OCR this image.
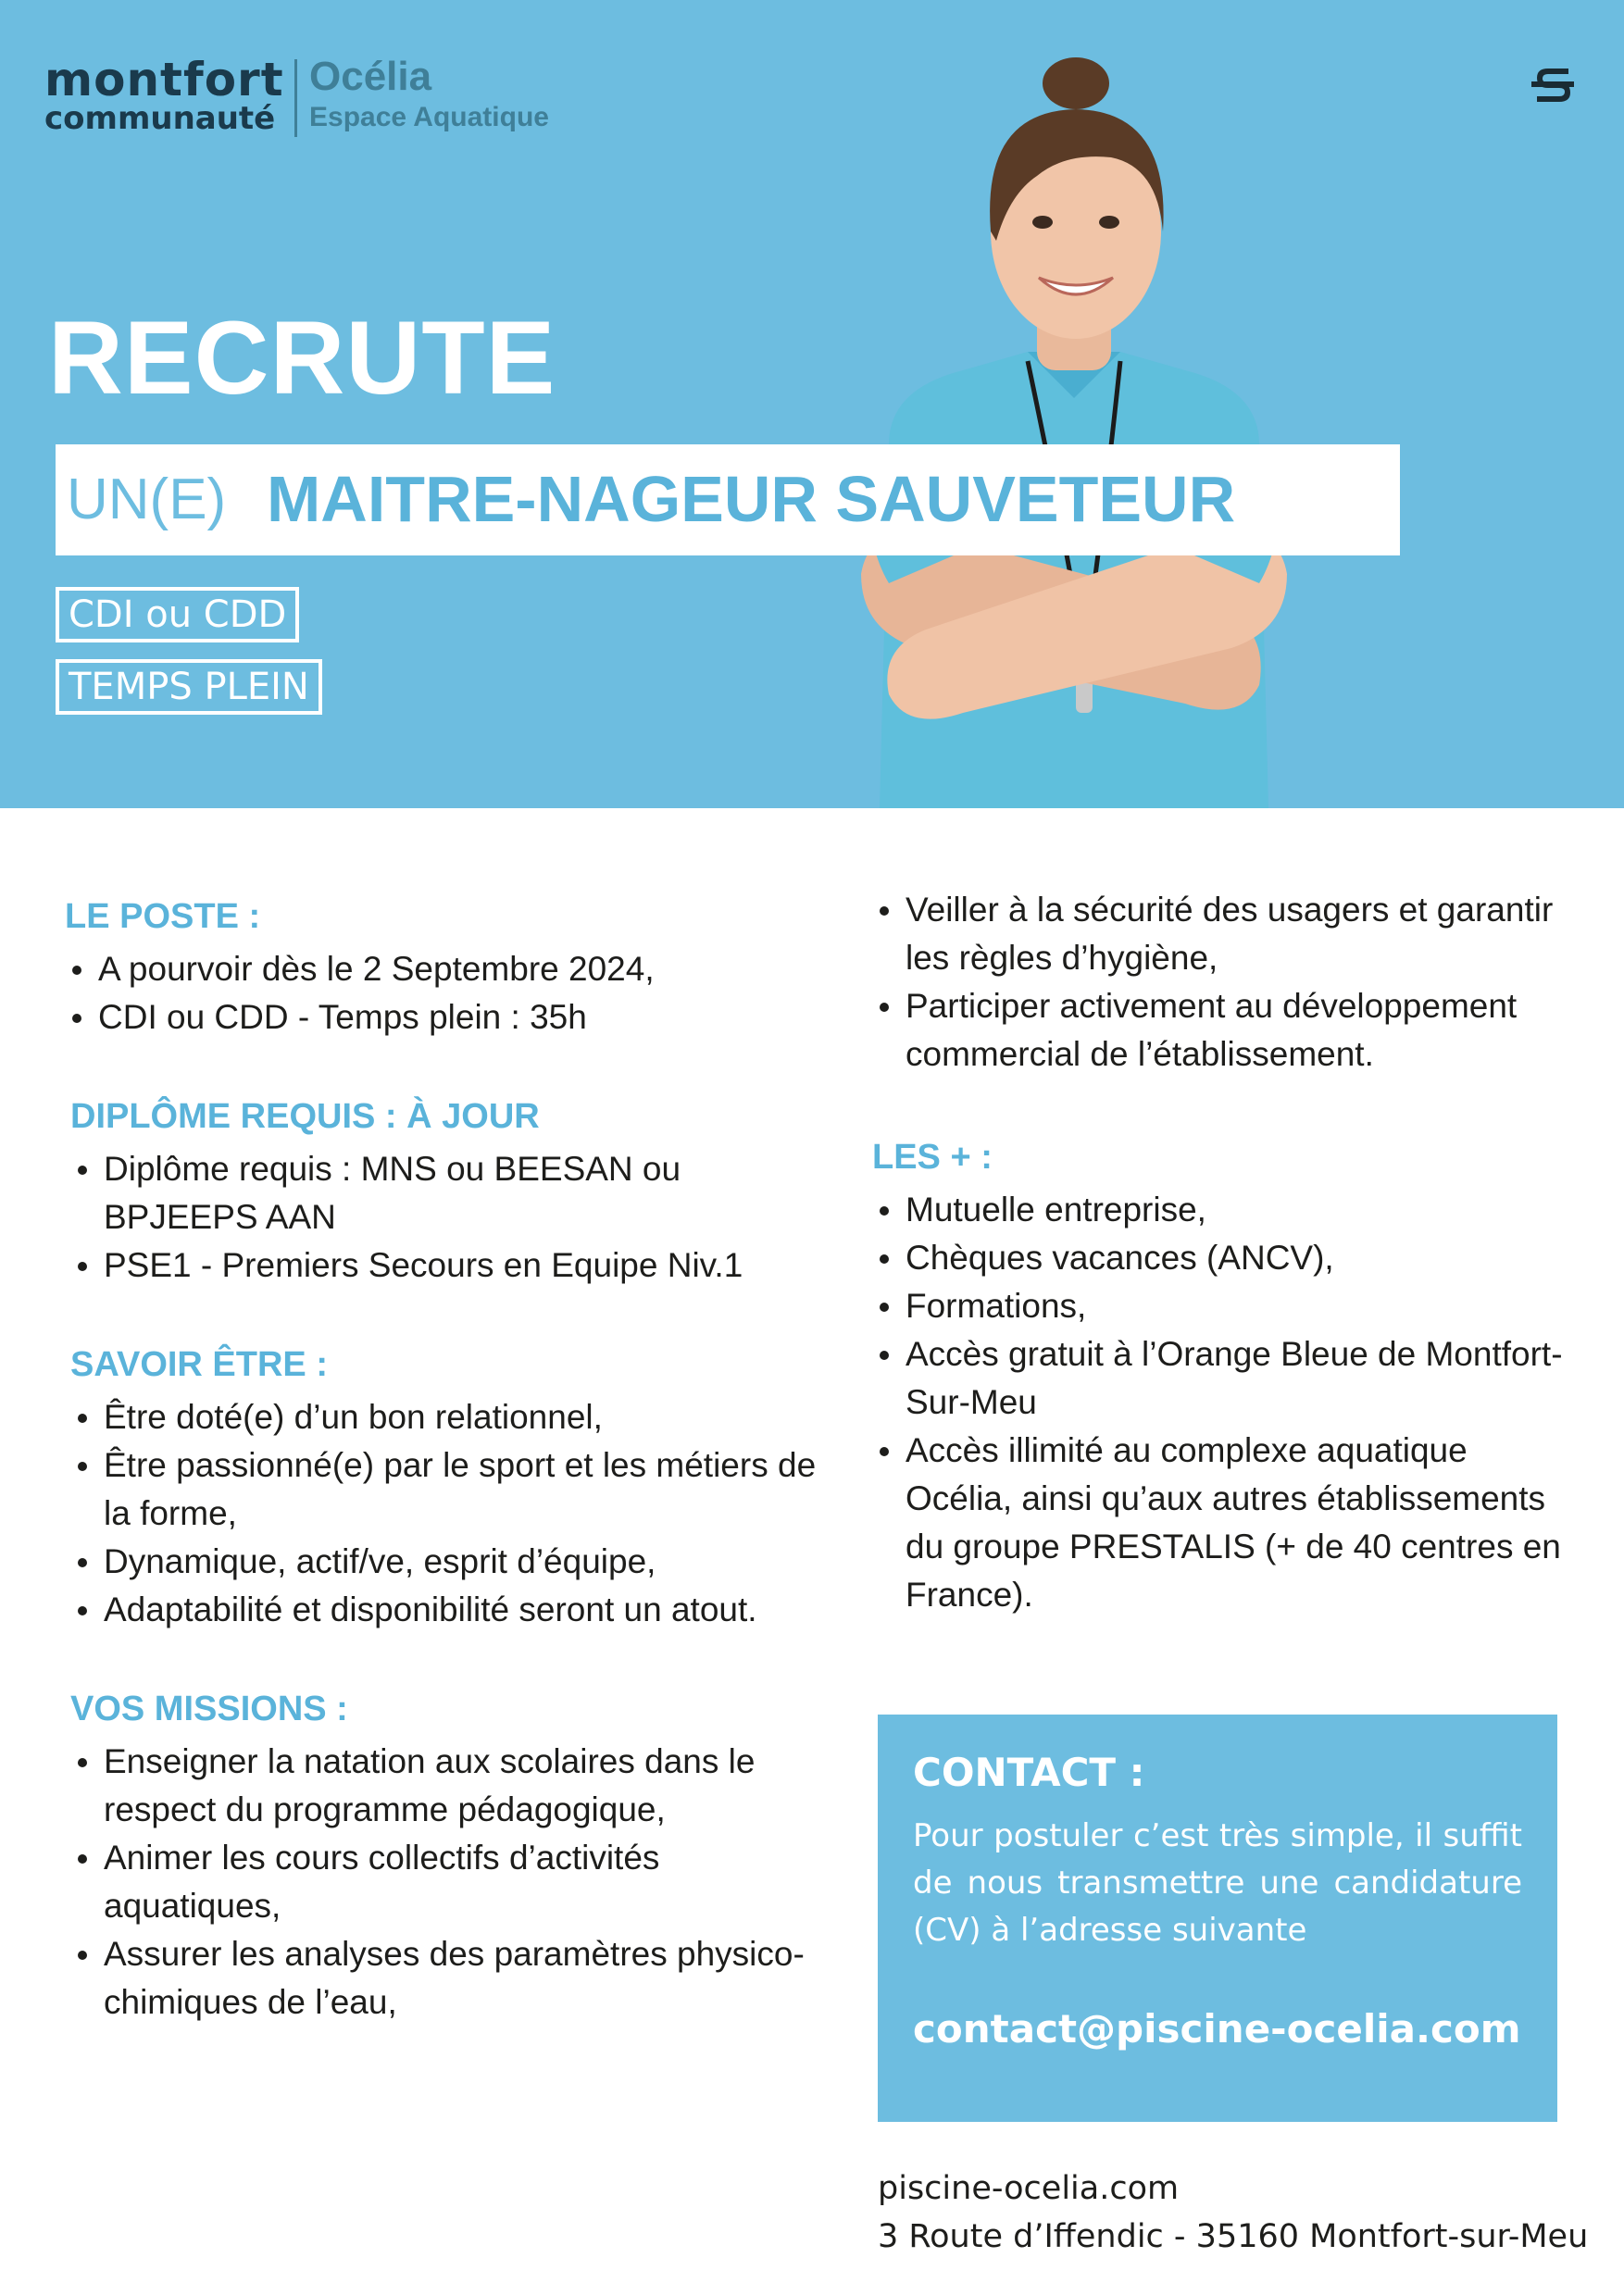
montfort
communauté
Océlia
Espace Aquatique
RECRUTE
UN(E) MAITRE-NAGEUR SAUVETEUR
CDI ou CDD
TEMPS PLEIN
LE POSTE :
A pourvoir dès le 2 Septembre 2024,
CDI ou CDD - Temps plein : 35h
DIPLÔME REQUIS : À JOUR
Diplôme requis : MNS ou BEESAN ou BPJEEPS AAN
PSE1 - Premiers Secours en Equipe Niv.1
SAVOIR ÊTRE :
Être doté(e) d’un bon relationnel,
Être passionné(e) par le sport et les métiers de la forme,
Dynamique, actif/ve, esprit d’équipe,
Adaptabilité et disponibilité seront un atout.
VOS MISSIONS :
Enseigner la natation aux scolaires dans le respect du programme pédagogique,
Animer les cours collectifs d’activités aquatiques,
Assurer les analyses des paramètres physico-chimiques de l’eau,
Veiller à la sécurité des usagers et garantir les règles d’hygiène,
Participer activement au développement commercial de l’établissement.
LES + :
Mutuelle entreprise,
Chèques vacances (ANCV),
Formations,
Accès gratuit à l’Orange Bleue de Montfort-Sur-Meu
Accès illimité au complexe aquatique Océlia, ainsi qu’aux autres établissements du groupe PRESTALIS (+ de 40 centres en France).
CONTACT :
Pour postuler c’est très simple, il suffit de nous transmettre une candidature (CV) à l’adresse suivante
contact@piscine-ocelia.com
piscine-ocelia.com
3 Route d’Iffendic - 35160 Montfort-sur-Meu
